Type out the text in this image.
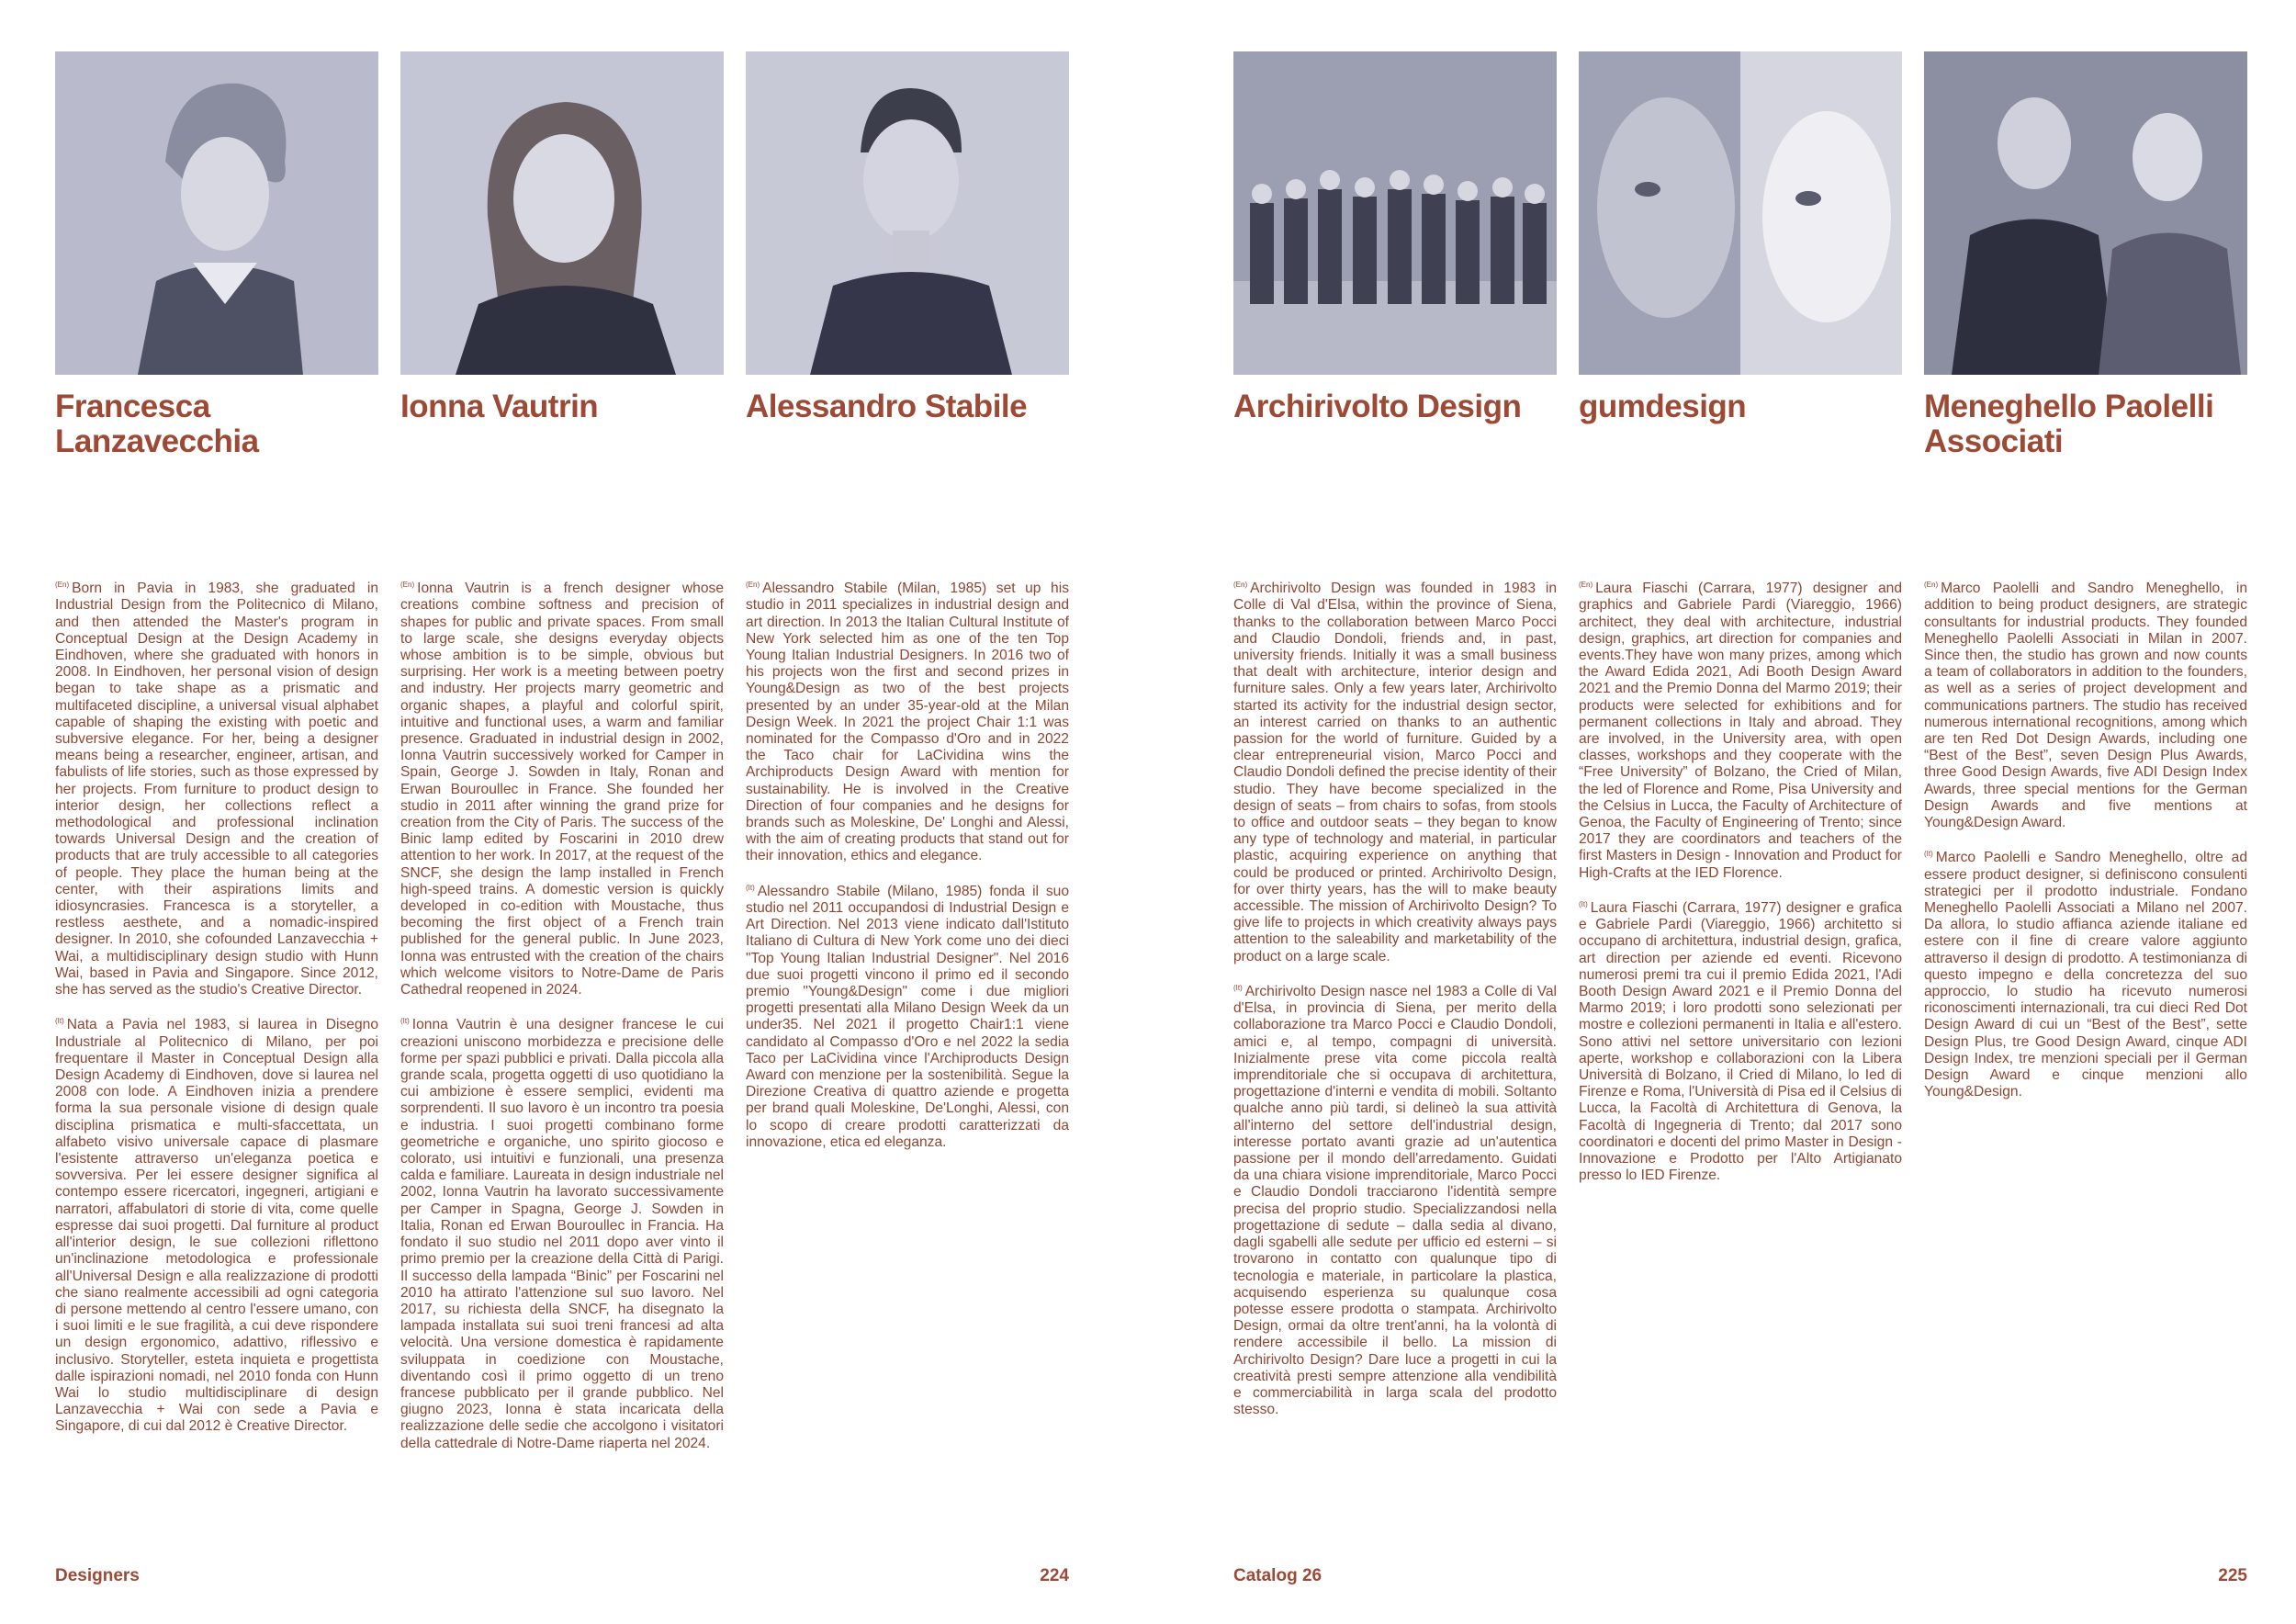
Francesca Lanzavecchia

$^{(En)}$ Born in Pavia in 1983, she graduated in Industrial Design from the Politecnico di Milano, and then attended the Master's program in Conceptual Design at the Design Academy in Eindhoven, where she graduated with honors in 2008. In Eindhoven, her personal vision of design began to take shape as a prismatic and multifaceted discipline, a universal visual alphabet capable of shaping the existing with poetic and subversive elegance. For her, being a designer means being a researcher, engineer, artisan, and fabulists of life stories, such as those expressed by her projects. From furniture to product design to interior design, her collections reflect a methodological and professional inclination towards Universal Design and the creation of products that are truly accessible to all categories of people. They place the human being at the center, with their aspirations limits and idiosyncrasies. Francesca is a storyteller, a restless aesthete, and a nomadic-inspired designer. In 2010, she cofounded Lanzavecchia + Wai, a multidisciplinary design studio with Hunn Wai, based in Pavia and Singapore. Since 2012, she has served as the studio's Creative Director.

$^{(It)}$ Nata a Pavia nel 1983, si laurea in Disegno Industriale al Politecnico di Milano, per poi frequentare il Master in Conceptual Design alla Design Academy di Eindhoven, dove si laurea nel 2008 con lode. A Eindhoven inizia a prendere forma la sua personale visione di design quale disciplina prismatica e multi-sfaccettata, un alfabeto visivo universale capace di plasmare l'esistente attraverso un'eleganza poetica e sovversiva. Per lei essere designer significa al contempo essere ricercatori, ingegneri, artigiani e narratori, affabulatori di storie di vita, come quelle espresse dai suoi progetti. Dal furniture al product all'interior design, le sue collezioni riflettono un'inclinazione metodologica e professionale all'Universal Design e alla realizzazione di prodotti che siano realmente accessibili ad ogni categoria di persone mettendo al centro l'essere umano, con i suoi limiti e le sue fragilità, a cui deve rispondere un design ergonomico, adattivo, riflessivo e inclusivo. Storyteller, esteta inquieta e progettista dalle ispirazioni nomadi, nel 2010 fonda con Hunn Wai lo studio multidisciplinare di design Lanzavecchia + Wai con sede a Pavia e Singapore, di cui dal 2012 è Creative Director.

Ionna Vautrin

$^{(En)}$ Ionna Vautrin is a french designer whose creations combine softness and precision of shapes for public and private spaces. From small to large scale, she designs everyday objects whose ambition is to be simple, obvious but surprising. Her work is a meeting between poetry and industry. Her projects marry geometric and organic shapes, a playful and colorful spirit, intuitive and functional uses, a warm and familiar presence. Graduated in industrial design in 2002, Ionna Vautrin successively worked for Camper in Spain, George J. Sowden in Italy, Ronan and Erwan Bouroullec in France. She founded her studio in 2011 after winning the grand prize for creation from the City of Paris. The success of the Binic lamp edited by Foscarini in 2010 drew attention to her work. In 2017, at the request of the SNCF, she design the lamp installed in French high-speed trains. A domestic version is quickly developed in co-edition with Moustache, thus becoming the first object of a French train published for the general public. In June 2023, Ionna was entrusted with the creation of the chairs which welcome visitors to Notre-Dame de Paris Cathedral reopened in 2024.

$^{(It)}$ Ionna Vautrin è una designer francese le cui creazioni uniscono morbidezza e precisione delle forme per spazi pubblici e privati. Dalla piccola alla grande scala, progetta oggetti di uso quotidiano la cui ambizione è essere semplici, evidenti ma sorprendenti. Il suo lavoro è un incontro tra poesia e industria. I suoi progetti combinano forme geometriche e organiche, uno spirito giocoso e colorato, usi intuitivi e funzionali, una presenza calda e familiare. Laureata in design industriale nel 2002, Ionna Vautrin ha lavorato successivamente per Camper in Spagna, George J. Sowden in Italia, Ronan ed Erwan Bouroullec in Francia. Ha fondato il suo studio nel 2011 dopo aver vinto il primo premio per la creazione della Città di Parigi. Il successo della lampada “Binic” per Foscarini nel 2010 ha attirato l'attenzione sul suo lavoro. Nel 2017, su richiesta della SNCF, ha disegnato la lampada installata sui suoi treni francesi ad alta velocità. Una versione domestica è rapidamente sviluppata in coedizione con Moustache, diventando così il primo oggetto di un treno francese pubblicato per il grande pubblico. Nel giugno 2023, Ionna è stata incaricata della realizzazione delle sedie che accolgono i visitatori della cattedrale di Notre-Dame riaperta nel 2024.

Alessandro Stabile

$^{(En)}$ Alessandro Stabile (Milan, 1985) set up his studio in 2011 specializes in industrial design and art direction. In 2013 the Italian Cultural Institute of New York selected him as one of the ten Top Young Italian Industrial Designers. In 2016 two of his projects won the first and second prizes in Young&Design as two of the best projects presented by an under 35-year-old at the Milan Design Week. In 2021 the project Chair 1:1 was nominated for the Compasso d'Oro and in 2022 the Taco chair for LaCividina wins the Archiproducts Design Award with mention for sustainability. He is involved in the Creative Direction of four companies and he designs for brands such as Moleskine, De' Longhi and Alessi, with the aim of creating products that stand out for their innovation, ethics and elegance.

$^{(It)}$ Alessandro Stabile (Milano, 1985) fonda il suo studio nel 2011 occupandosi di Industrial Design e Art Direction. Nel 2013 viene indicato dall'Istituto Italiano di Cultura di New York come uno dei dieci "Top Young Italian Industrial Designer". Nel 2016 due suoi progetti vincono il primo ed il secondo premio "Young&Design" come i due migliori progetti presentati alla Milano Design Week da un under35. Nel 2021 il progetto Chair1:1 viene candidato al Compasso d'Oro e nel 2022 la sedia Taco per LaCividina vince l'Archiproducts Design Award con menzione per la sostenibilità. Segue la Direzione Creativa di quattro aziende e progetta per brand quali Moleskine, De'Longhi, Alessi, con lo scopo di creare prodotti caratterizzati da innovazione, etica ed eleganza.

Archirivolto Design

$^{(En)}$ Archirivolto Design was founded in 1983 in Colle di Val d'Elsa, within the province of Siena, thanks to the collaboration between Marco Pocci and Claudio Dondoli, friends and, in past, university friends. Initially it was a small business that dealt with architecture, interior design and furniture sales. Only a few years later, Archirivolto started its activity for the industrial design sector, an interest carried on thanks to an authentic passion for the world of furniture. Guided by a clear entrepreneurial vision, Marco Pocci and Claudio Dondoli defined the precise identity of their studio. They have become specialized in the design of seats – from chairs to sofas, from stools to office and outdoor seats – they began to know any type of technology and material, in particular plastic, acquiring experience on anything that could be produced or printed. Archirivolto Design, for over thirty years, has the will to make beauty accessible. The mission of Archirivolto Design? To give life to projects in which creativity always pays attention to the saleability and marketability of the product on a large scale.

$^{(It)}$ Archirivolto Design nasce nel 1983 a Colle di Val d'Elsa, in provincia di Siena, per merito della collaborazione tra Marco Pocci e Claudio Dondoli, amici e, al tempo, compagni di università. Inizialmente prese vita come piccola realtà imprenditoriale che si occupava di architettura, progettazione d'interni e vendita di mobili. Soltanto qualche anno più tardi, si delineò la sua attività all'interno del settore dell'industrial design, interesse portato avanti grazie ad un'autentica passione per il mondo dell'arredamento. Guidati da una chiara visione imprenditoriale, Marco Pocci e Claudio Dondoli tracciarono l'identità sempre precisa del proprio studio. Specializzandosi nella progettazione di sedute – dalla sedia al divano, dagli sgabelli alle sedute per ufficio ed esterni – si trovarono in contatto con qualunque tipo di tecnologia e materiale, in particolare la plastica, acquisendo esperienza su qualunque cosa potesse essere prodotta o stampata. Archirivolto Design, ormai da oltre trent'anni, ha la volontà di rendere accessibile il bello. La mission di Archirivolto Design? Dare luce a progetti in cui la creatività presti sempre attenzione alla vendibilità e commerciabilità in larga scala del prodotto stesso.

gumdesign

$^{(En)}$ Laura Fiaschi (Carrara, 1977) designer and graphics and Gabriele Pardi (Viareggio, 1966) architect, they deal with architecture, industrial design, graphics, art direction for companies and events.They have won many prizes, among which the Award Edida 2021, Adi Booth Design Award 2021 and the Premio Donna del Marmo 2019; their products were selected for exhibitions and for permanent collections in Italy and abroad. They are involved, in the University area, with open classes, workshops and they cooperate with the “Free University” of Bolzano, the Cried of Milan, the led of Florence and Rome, Pisa University and the Celsius in Lucca, the Faculty of Architecture of Genoa, the Faculty of Engineering of Trento; since 2017 they are coordinators and teachers of the first Masters in Design - Innovation and Product for High-Crafts at the IED Florence.

$^{(It)}$ Laura Fiaschi (Carrara, 1977) designer e grafica e Gabriele Pardi (Viareggio, 1966) architetto si occupano di architettura, industrial design, grafica, art direction per aziende ed eventi. Ricevono numerosi premi tra cui il premio Edida 2021, l'Adi Booth Design Award 2021 e il Premio Donna del Marmo 2019; i loro prodotti sono selezionati per mostre e collezioni permanenti in Italia e all'estero. Sono attivi nel settore universitario con lezioni aperte, workshop e collaborazioni con la Libera Università di Bolzano, il Cried di Milano, lo Ied di Firenze e Roma, l'Università di Pisa ed il Celsius di Lucca, la Facoltà di Architettura di Genova, la Facoltà di Ingegneria di Trento; dal 2017 sono coordinatori e docenti del primo Master in Design - Innovazione e Prodotto per l'Alto Artigianato presso lo IED Firenze.

Meneghello Paolelli Associati

$^{(En)}$ Marco Paolelli and Sandro Meneghello, in addition to being product designers, are strategic consultants for industrial products. They founded Meneghello Paolelli Associati in Milan in 2007. Since then, the studio has grown and now counts a team of collaborators in addition to the founders, as well as a series of project development and communications partners. The studio has received numerous international recognitions, among which are ten Red Dot Design Awards, including one “Best of the Best”, seven Design Plus Awards, three Good Design Awards, five ADI Design Index Awards, three special mentions for the German Design Awards and five mentions at Young&Design Award.

$^{(It)}$ Marco Paolelli e Sandro Meneghello, oltre ad essere product designer, si definiscono consulenti strategici per il prodotto industriale. Fondano Meneghello Paolelli Associati a Milano nel 2007. Da allora, lo studio affianca aziende italiane ed estere con il fine di creare valore aggiunto attraverso il design di prodotto. A testimonianza di questo impegno e della concretezza del suo approccio, lo studio ha ricevuto numerosi riconoscimenti internazionali, tra cui dieci Red Dot Design Award di cui un “Best of the Best”, sette Design Plus, tre Good Design Award, cinque ADI Design Index, tre menzioni speciali per il German Design Award e cinque menzioni allo Young&Design.

Designers	224	Catalog 26	225
